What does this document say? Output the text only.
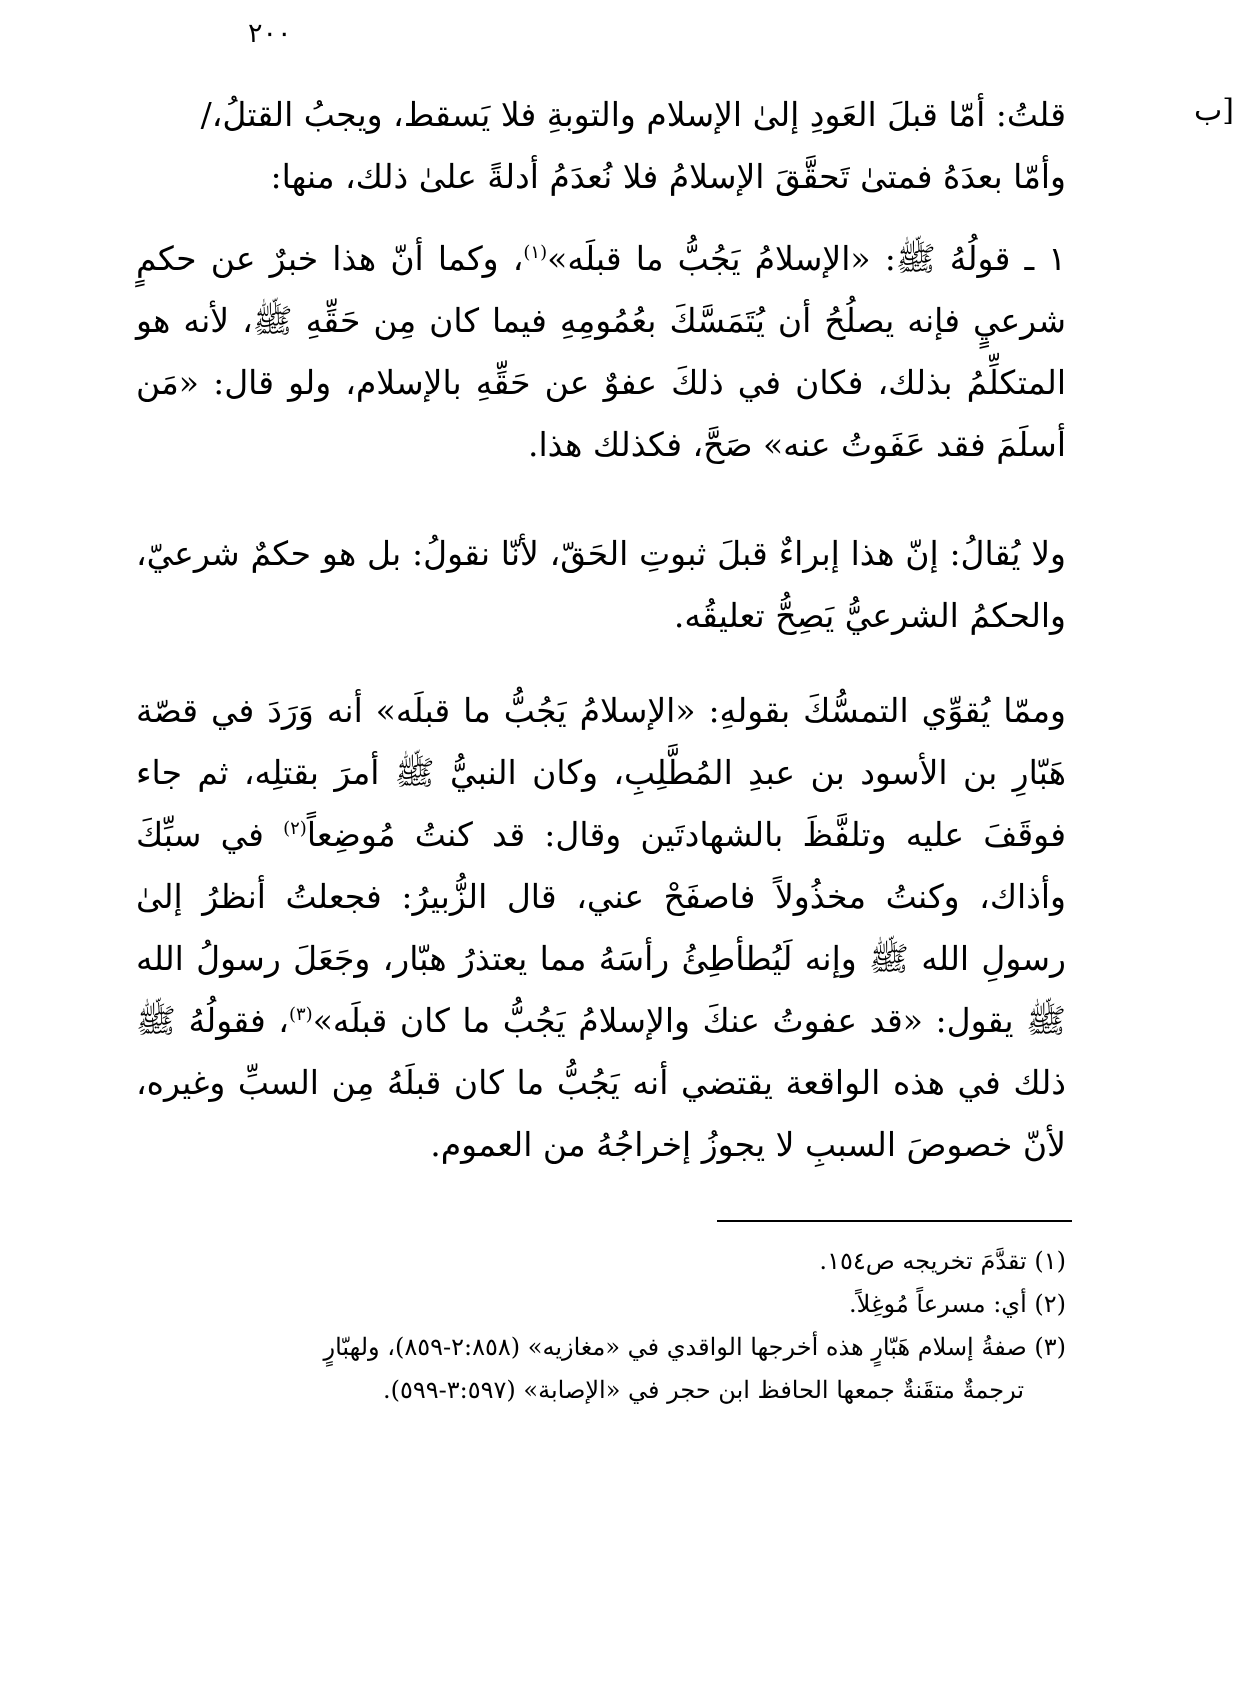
٢٠٠
ب]

قلتُ: أمّا قبلَ العَودِ إلىٰ الإسلام والتوبةِ فلا يَسقط، ويجبُ القتلُ،/

وأمّا بعدَهُ فمتىٰ تَحقَّقَ الإسلامُ فلا نُعدَمُ أدلةً علىٰ ذلك، منها:

١ ـ قولُهُ ﷺ: «الإسلامُ يَجُبُّ ما قبلَه»$^{(١)}$، وكما أنّ هذا خبرٌ عن حكمٍ شرعيٍ فإنه يصلُحُ أن يُتَمَسَّكَ بعُمُومِهِ فيما كان مِن حَقِّهِ ﷺ، لأنه هو المتكلِّمُ بذلك، فكان في ذلكَ عفوٌ عن حَقِّهِ بالإسلام، ولو قال: «مَن أسلَمَ فقد عَفَوتُ عنه» صَحَّ، فكذلك هذا.

ولا يُقالُ: إنّ هذا إبراءٌ قبلَ ثبوتِ الحَقّ، لأنّا نقولُ: بل هو حكمٌ شرعيّ، والحكمُ الشرعيُّ يَصِحُّ تعليقُه.

وممّا يُقوِّي التمسُّكَ بقولهِ: «الإسلامُ يَجُبُّ ما قبلَه» أنه وَرَدَ في قصّة هَبّارِ بن الأسود بن عبدِ المُطَّلِبِ، وكان النبيُّ ﷺ أمرَ بقتلِه، ثم جاء فوقَفَ عليه وتلفَّظَ بالشهادتَين وقال: قد كنتُ مُوضِعاً$^{(٢)}$ في سبِّكَ وأذاك، وكنتُ مخذُولاً فاصفَحْ عني، قال الزُّبيرُ: فجعلتُ أنظرُ إلىٰ رسولِ الله ﷺ وإنه لَيُطأطِئُ رأسَهُ مما يعتذرُ هبّار، وجَعَلَ رسولُ الله ﷺ يقول: «قد عفوتُ عنكَ والإسلامُ يَجُبُّ ما كان قبلَه»$^{(٣)}$، فقولُهُ ﷺ ذلك في هذه الواقعة يقتضي أنه يَجُبُّ ما كان قبلَهُ مِن السبِّ وغيره، لأنّ خصوصَ السببِ لا يجوزُ إخراجُهُ من العموم.

(١) تقدَّمَ تخريجه ص١٥٤.

(٢) أي: مسرعاً مُوغِلاً.

(٣) صفةُ إسلام هَبّارٍ هذه أخرجها الواقدي في «مغازيه» (٢:٨٥٨-٨٥٩)، ولهبّارٍ

ترجمةٌ متقَنةٌ جمعها الحافظ ابن حجر في «الإصابة» (٣:٥٩٧-٥٩٩).
